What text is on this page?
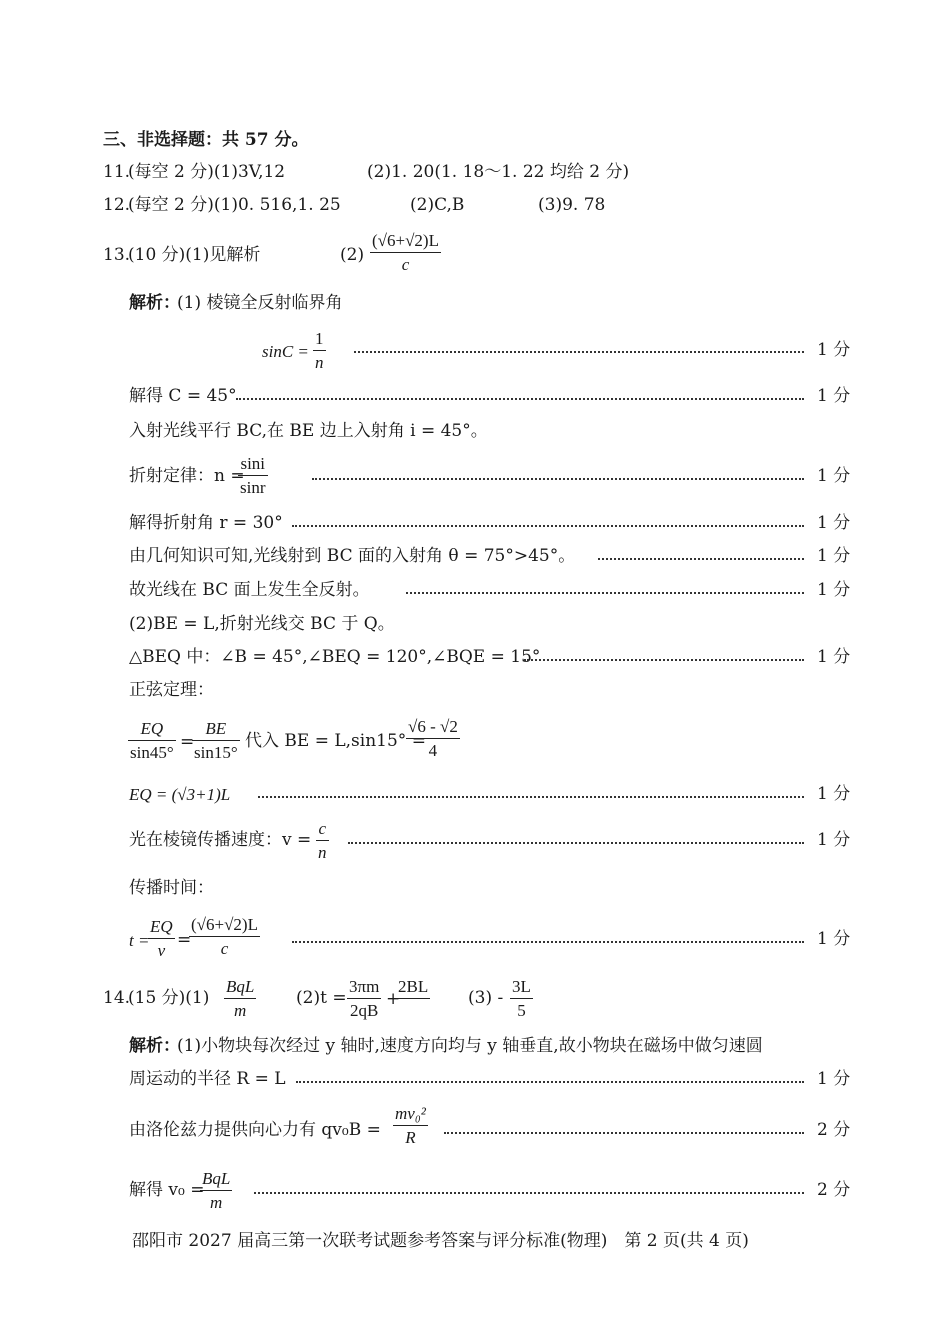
三、非选择题：共 57 分。
11.
(每空 2 分)(1)3V,12	(2)1. 20(1. 18～1. 22 均给 2 分)
12.
(每空 2 分)(1)0. 516,1. 25	(2)C,B	(3)9. 78
13.
(10 分)(1)见解析	(2)
(√6+√2)L
c
解析：
(1) 棱镜全反射临界角
sinC =
1
n
1 分
解得 C = 45°	1 分
入射光线平行 BC,在 BE 边上入射角 i = 45°。
折射定律：n =
sini
sinr
1 分
解得折射角 r = 30°	1 分
由几何知识可知,光线射到 BC 面的入射角 θ = 75°>45°。	1 分
故光线在 BC 面上发生全反射。	1 分
(2)BE = L,折射光线交 BC 于 Q。
△BEQ 中：∠B = 45°,∠BEQ = 120°,∠BQE = 15°	1 分
正弦定理：
EQ
sin45°
=
BE
sin15°
代入 BE = L,sin15° =
√6 - √2
4
EQ = (√3+1)L	1 分
光在棱镜传播速度：v =
c
n
1 分
传播时间：
t =
EQ
v
=
(√6+√2)L
c	1 分
14.
(15 分)(1)
BqL
m
(2)t =
3πm
2qB
+
2BL
(3) -
3L
5
解析：
(1)小物块每次经过 y 轴时,速度方向均与 y 轴垂直,故小物块在磁场中做匀速圆
周运动的半径 R = L	1 分
由洛伦兹力提供向心力有 qv₀B =
mv₀²
R	2 分
解得 v₀ =
BqL
m
2 分
邵阳市 2027 届高三第一次联考试题参考答案与评分标准(物理)　第 2 页(共 4 页)
